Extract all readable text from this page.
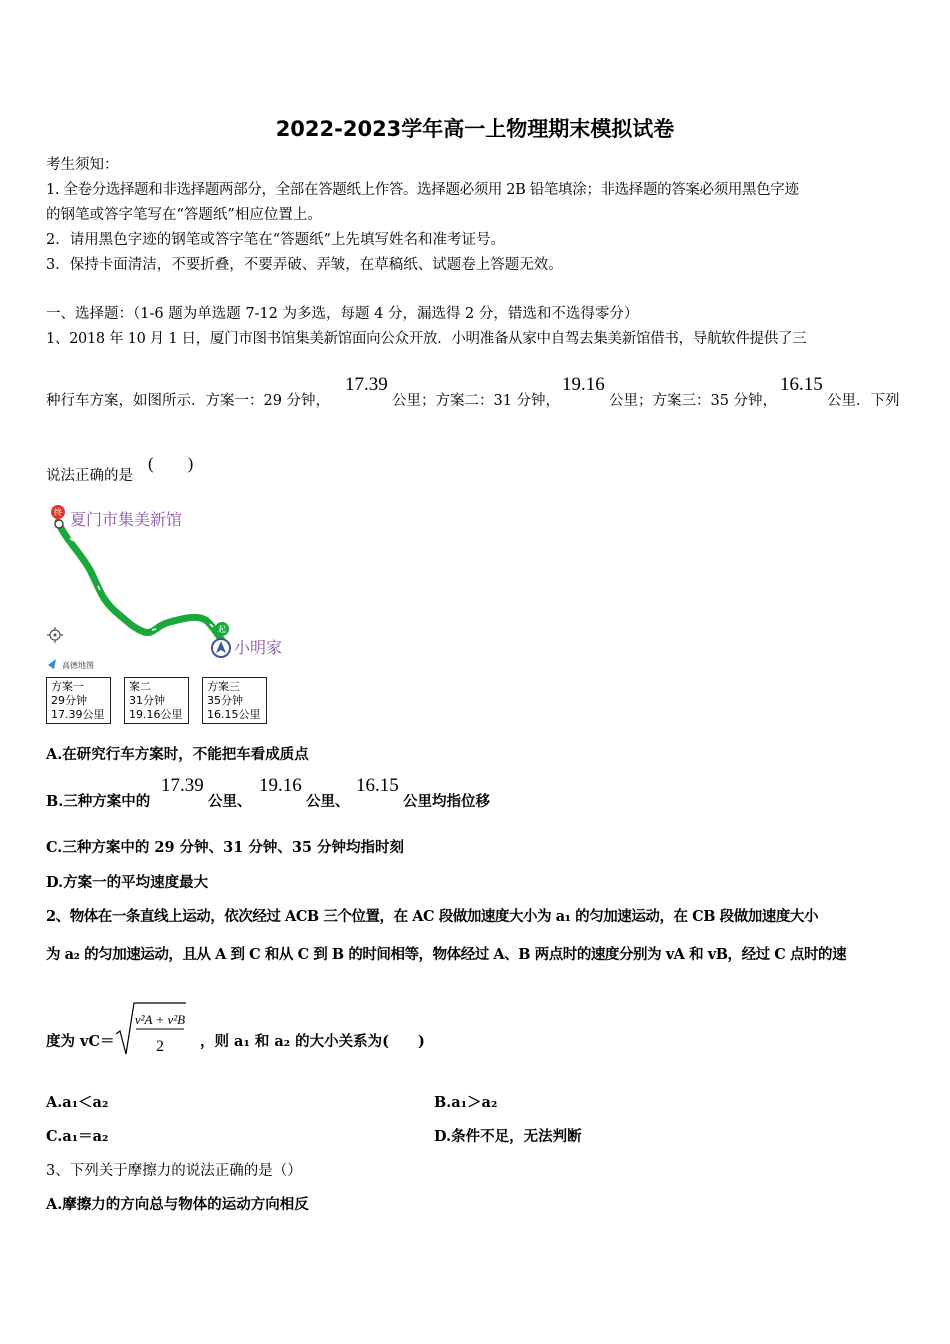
2022-2023学年高一上物理期末模拟试卷
考生须知：
1. 全卷分选择题和非选择题两部分，全部在答题纸上作答。选择题必须用 2B 铅笔填涂；非选择题的答案必须用黑色字迹
的钢笔或答字笔写在“答题纸”相应位置上。
2．请用黑色字迹的钢笔或答字笔在“答题纸”上先填写姓名和准考证号。
3．保持卡面清洁，不要折叠，不要弄破、弄皱，在草稿纸、试题卷上答题无效。
一、选择题：（1-6 题为单选题 7-12 为多选，每题 4 分，漏选得 2 分，错选和不选得零分）
1、2018 年 10 月 1 日，厦门市图书馆集美新馆面向公众开放．小明准备从家中自驾去集美新馆借书，导航软件提供了三
种行车方案，如图所示．方案一：29 分钟，
17.39
公里；方案二：31 分钟，
19.16
公里；方案三：35 分钟，
16.15
公里．下列
说法正确的是
(　　)
终 夏门市集美新馆
起
小明家
高德地图
方案一
29分钟
17.39公里
案二
31分钟
19.16公里
方案三
35分钟
16.15公里
A.在研究行车方案时，不能把车看成质点
B.三种方案中的
17.39
公里、
19.16
公里、
16.15
公里均指位移
C.三种方案中的 29 分钟、31 分钟、35 分钟均指时刻
D.方案一的平均速度最大
2、物体在一条直线上运动，依次经过 ACB 三个位置，在 AC 段做加速度大小为 a₁ 的匀加速运动，在 CB 段做加速度大小
为 a₂ 的匀加速运动，且从 A 到 C 和从 C 到 B 的时间相等，物体经过 A、B 两点时的速度分别为 vA 和 vB，经过 C 点时的速
度为 vC＝
v²A + v²B
2 ，则 a₁ 和 a₂ 的大小关系为(　　)
A.a₁＜a₂	B.a₁＞a₂
C.a₁＝a₂	D.条件不足，无法判断
3、下列关于摩擦力的说法正确的是（）
A.摩擦力的方向总与物体的运动方向相反
